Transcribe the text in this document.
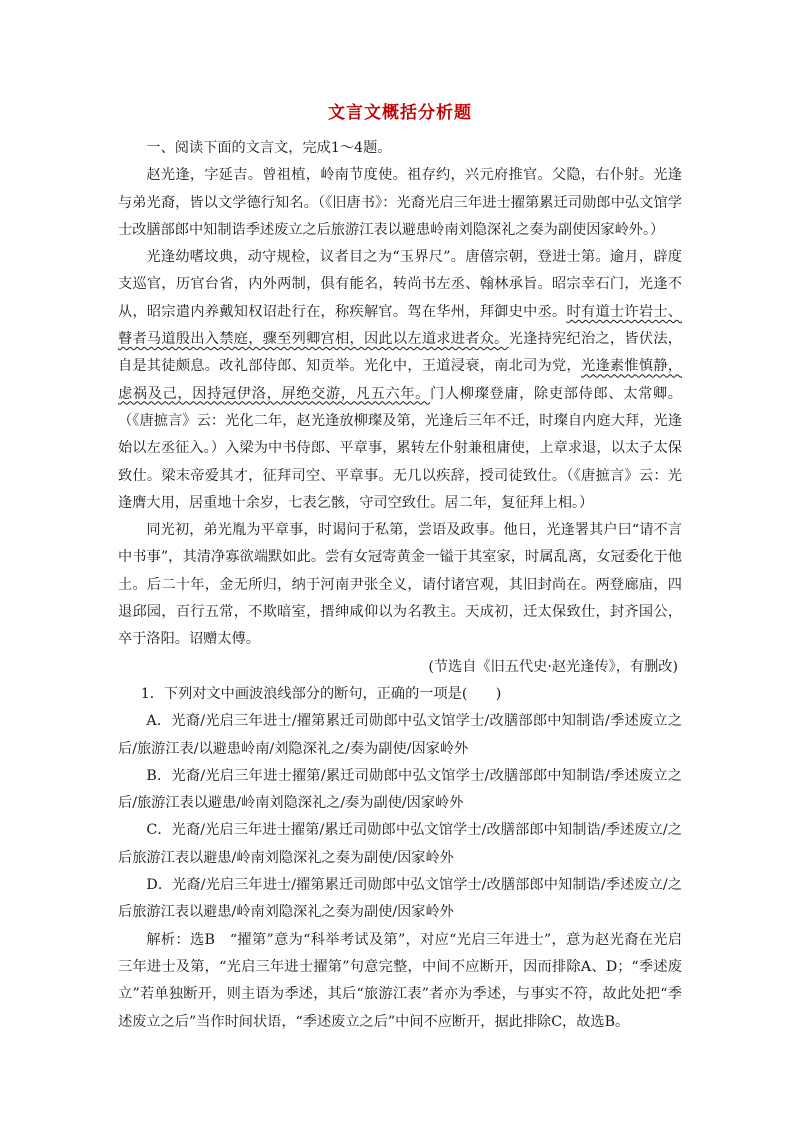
文言文概括分析题

一、阅读下面的文言文，完成1～4题。

赵光逢，字延吉。曾祖植，岭南节度使。祖存约，兴元府推官。父隐，右仆射。光逢与弟光裔，皆以文学德行知名。（《旧唐书》：光裔光启三年进士擢第累迁司勋郎中弘文馆学士改膳部郎中知制诰季述废立之后旅游江表以避患岭南刘隐深礼之奏为副使因家岭外。）

光逢幼嗜坟典，动守规检，议者目之为“玉界尺”。唐僖宗朝，登进士第。逾月，辟度支巡官，历官台省，内外两制，俱有能名，转尚书左丞、翰林承旨。昭宗幸石门，光逢不从，昭宗遣内养戴知权诏赴行在，称疾解官。驾在华州，拜御史中丞。时有道士许岩士、瞽者马道殷出入禁庭，骤至列卿宫相，因此以左道求进者众。光逢持宪纪治之，皆伏法，自是其徒颇息。改礼部侍郎、知贡举。光化中，王道浸衰，南北司为党，光逢素惟慎静，虑祸及己，因持冠伊洛，屏绝交游，凡五六年。门人柳璨登庸，除吏部侍郎、太常卿。（《唐摭言》云：光化二年，赵光逢放柳璨及第，光逢后三年不迁，时璨自内庭大拜，光逢始以左丞征入。）入梁为中书侍郎、平章事，累转左仆射兼租庸使，上章求退，以太子太保致仕。梁末帝爱其才，征拜司空、平章事。无几以疾辞，授司徒致仕。（《唐摭言》云：光逢膺大用，居重地十余岁，七表乞骸，守司空致仕。居二年，复征拜上相。）

同光初，弟光胤为平章事，时谒问于私第，尝语及政事。他日，光逢署其户曰“请不言中书事”，其清净寡欲端默如此。尝有女冠寄黄金一镒于其室家，时属乱离，女冠委化于他土。后二十年，金无所归，纳于河南尹张全义，请付诸宫观，其旧封尚在。两登廊庙，四退邱园，百行五常，不欺暗室，搢绅咸仰以为名教主。天成初，迁太保致仕，封齐国公，卒于洛阳。诏赠太傅。

(节选自《旧五代史·赵光逢传》，有删改)

1．下列对文中画波浪线部分的断句，正确的一项是(　　)

A．光裔/光启三年进士/擢第累迁司勋郎中弘文馆学士/改膳部郎中知制诰/季述废立之后/旅游江表/以避患岭南/刘隐深礼之/奏为副使/因家岭外

B．光裔/光启三年进士擢第/累迁司勋郎中弘文馆学士/改膳部郎中知制诰/季述废立之后/旅游江表以避患/岭南刘隐深礼之/奏为副使/因家岭外

C．光裔/光启三年进士擢第/累迁司勋郎中弘文馆学士/改膳部郎中知制诰/季述废立/之后旅游江表以避患/岭南刘隐深礼之奏为副使/因家岭外

D．光裔/光启三年进士/擢第累迁司勋郎中弘文馆学士/改膳部郎中知制诰/季述废立/之后旅游江表以避患/岭南刘隐深礼之奏为副使/因家岭外

解析：选B　“擢第”意为“科举考试及第”，对应“光启三年进士”，意为赵光裔在光启三年进士及第，“光启三年进士擢第”句意完整，中间不应断开，因而排除A、D；“季述废立”若单独断开，则主语为季述，其后“旅游江表”者亦为季述，与事实不符，故此处把“季述废立之后”当作时间状语，“季述废立之后”中间不应断开，据此排除C，故选B。
